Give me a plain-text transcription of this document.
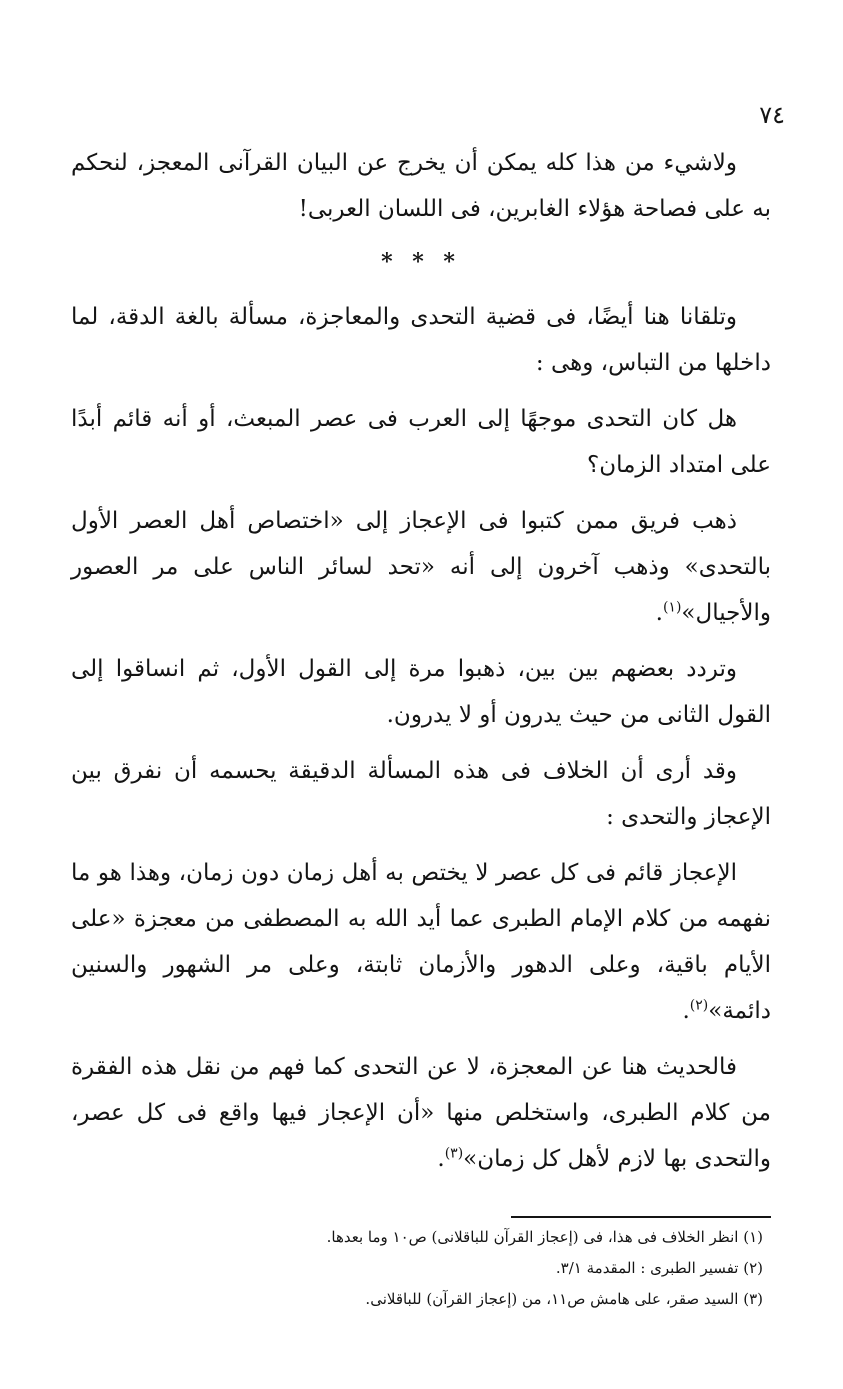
٧٤

ولاشيء من هذا كله يمكن أن يخرج عن البيان القرآنى المعجز، لنحكم به على فصاحة هؤلاء الغابرين، فى اللسان العربى!

* * *

وتلقانا هنا أيضًا، فى قضية التحدى والمعاجزة، مسألة بالغة الدقة، لما داخلها من التباس، وهى :

هل كان التحدى موجهًا إلى العرب فى عصر المبعث، أو أنه قائم أبدًا على امتداد الزمان؟

ذهب فريق ممن كتبوا فى الإعجاز إلى «اختصاص أهل العصر الأول بالتحدى» وذهب آخرون إلى أنه «تحد لسائر الناس على مر العصور والأجيال»$^{(١)}$.

وتردد بعضهم بين بين، ذهبوا مرة إلى القول الأول، ثم انساقوا إلى القول الثانى من حيث يدرون أو لا يدرون.

وقد أرى أن الخلاف فى هذه المسألة الدقيقة يحسمه أن نفرق بين الإعجاز والتحدى :

الإعجاز قائم فى كل عصر لا يختص به أهل زمان دون زمان، وهذا هو ما نفهمه من كلام الإمام الطبرى عما أيد الله به المصطفى من معجزة «على الأيام باقية، وعلى الدهور والأزمان ثابتة، وعلى مر الشهور والسنين دائمة»$^{(٢)}$.

فالحديث هنا عن المعجزة، لا عن التحدى كما فهم من نقل هذه الفقرة من كلام الطبرى، واستخلص منها «أن الإعجاز فيها واقع فى كل عصر، والتحدى بها لازم لأهل كل زمان»$^{(٣)}$.

(١) انظر الخلاف فى هذا، فى (إعجاز القرآن للباقلانى) ص١٠ وما بعدها.

(٢) تفسير الطبرى : المقدمة ٣/١.

(٣) السيد صقر، على هامش ص١١، من (إعجاز القرآن) للباقلانى.
